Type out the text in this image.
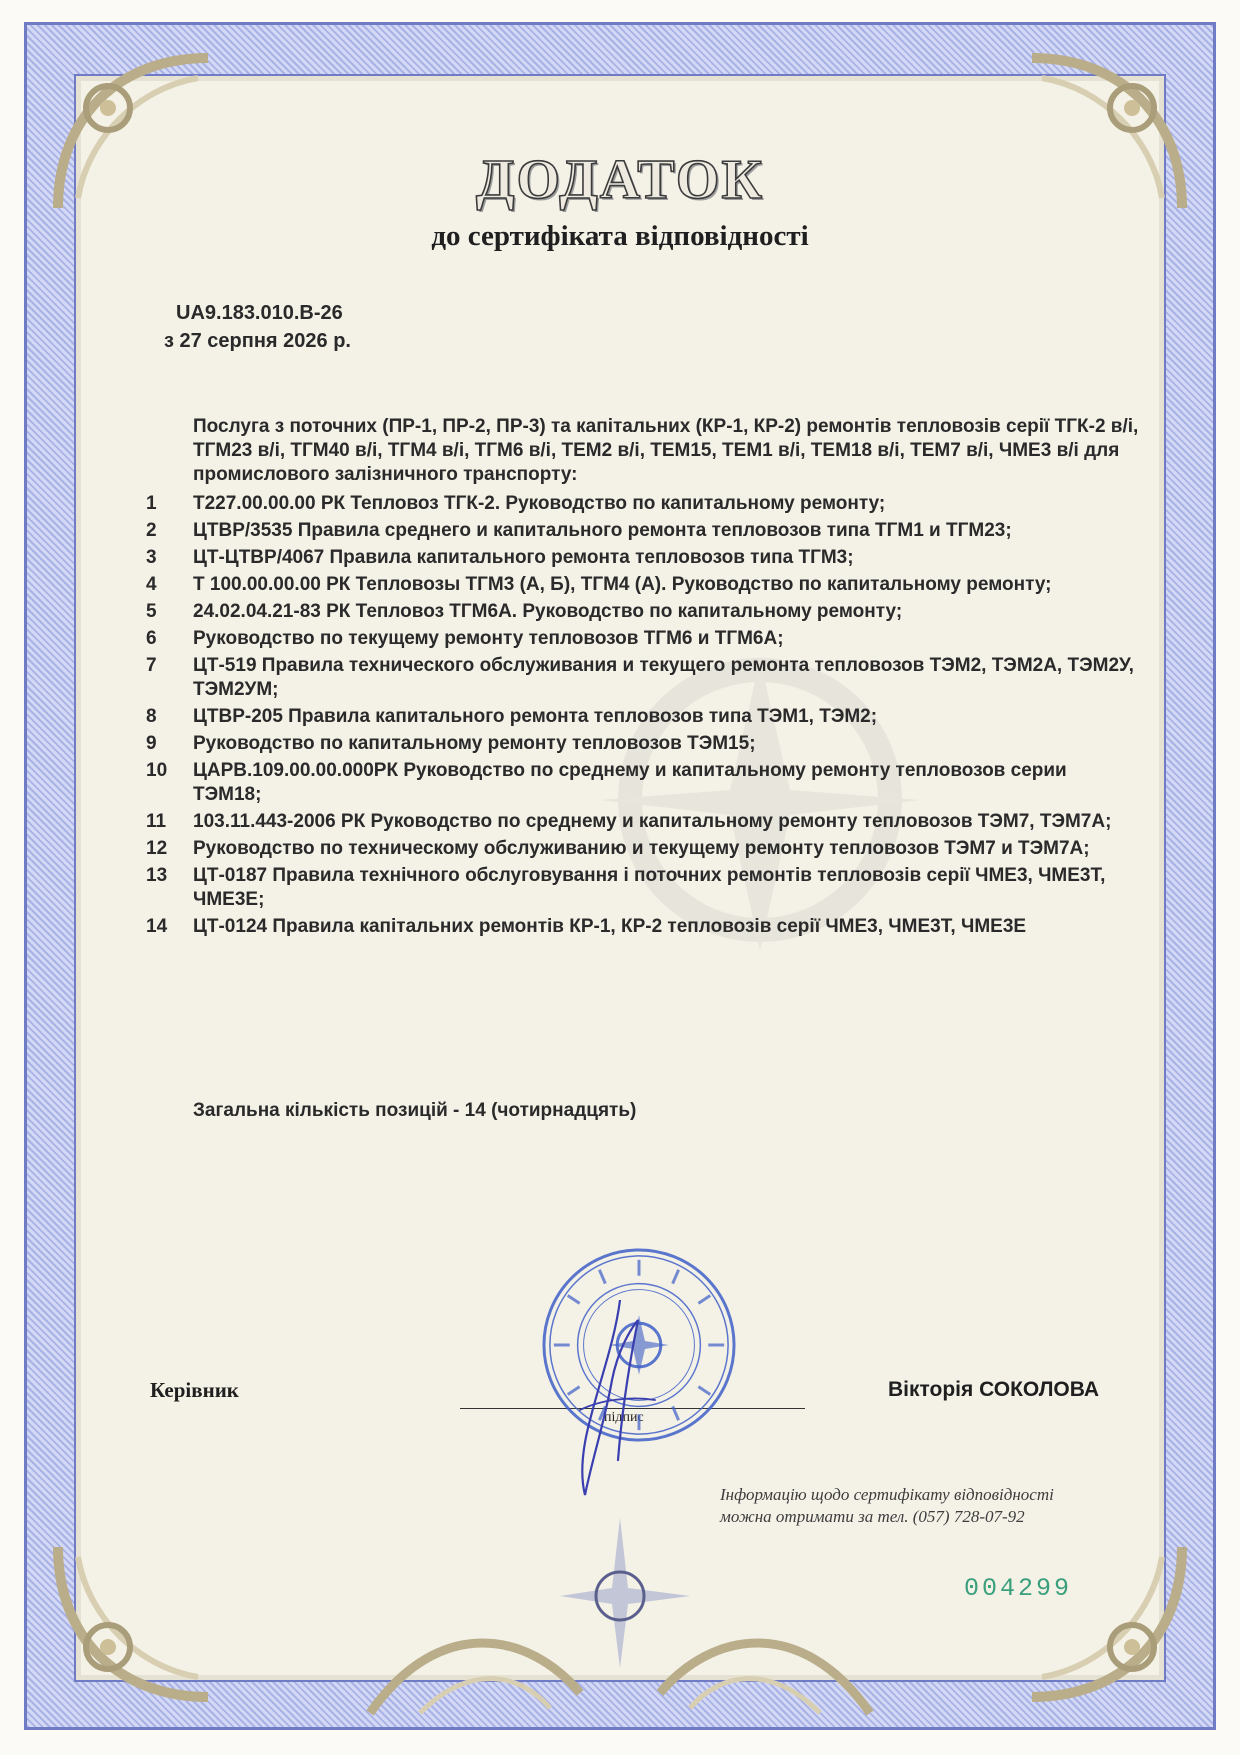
ДОДАТОК
до сертифіката відповідності
UA9.183.010.B-26
з 27 серпня 2026 р.
Послуга з поточних (ПР-1, ПР-2, ПР-3) та капітальних (КР-1, КР-2) ремонтів тепловозів серії ТГК-2 в/і, ТГМ23 в/і, ТГМ40 в/і, ТГМ4 в/і, ТГМ6 в/і, ТЕМ2 в/і, ТЕМ15, ТЕМ1 в/і, ТЕМ18 в/і, ТЕМ7 в/і, ЧМЕ3 в/і для промислового залізничного транспорту:
1	Т227.00.00.00 РК Тепловоз ТГК-2. Руководство по капитальному ремонту;
2	ЦТВР/3535 Правила среднего и капитального ремонта тепловозов типа ТГМ1 и ТГМ23;
3	ЦТ-ЦТВР/4067 Правила капитального ремонта тепловозов типа ТГМ3;
4	Т 100.00.00.00 РК Тепловозы ТГМ3 (А, Б), ТГМ4 (А). Руководство по капитальному ремонту;
5	24.02.04.21-83 РК Тепловоз ТГМ6А. Руководство по капитальному ремонту;
6	Руководство по текущему ремонту тепловозов ТГМ6 и ТГМ6А;
7	ЦТ-519 Правила технического обслуживания и текущего ремонта тепловозов ТЭМ2, ТЭМ2А, ТЭМ2У, ТЭМ2УМ;
8	ЦТВР-205 Правила капитального ремонта тепловозов типа ТЭМ1, ТЭМ2;
9	Руководство по капитальному ремонту тепловозов ТЭМ15;
10	ЦАРВ.109.00.00.000РК Руководство по среднему и капитальному ремонту тепловозов серии ТЭМ18;
11	103.11.443-2006 РК Руководство по среднему и капитальному ремонту тепловозов ТЭМ7, ТЭМ7А;
12	Руководство по техническому обслуживанию и текущему ремонту тепловозов ТЭМ7 и ТЭМ7А;
13	ЦТ-0187 Правила технічного обслуговування і поточних ремонтів тепловозів серії ЧМЕ3, ЧМЕ3Т, ЧМЕ3Е;
14	ЦТ-0124 Правила капітальних ремонтів КР-1, КР-2 тепловозів серії ЧМЕ3, ЧМЕ3Т, ЧМЕ3Е
Загальна кількість позицій - 14 (чотирнадцять)
Керівник
підпис
Вікторія СОКОЛОВА
Інформацію щодо сертифікату відповідності
можна отримати за тел. (057) 728-07-92
004299
